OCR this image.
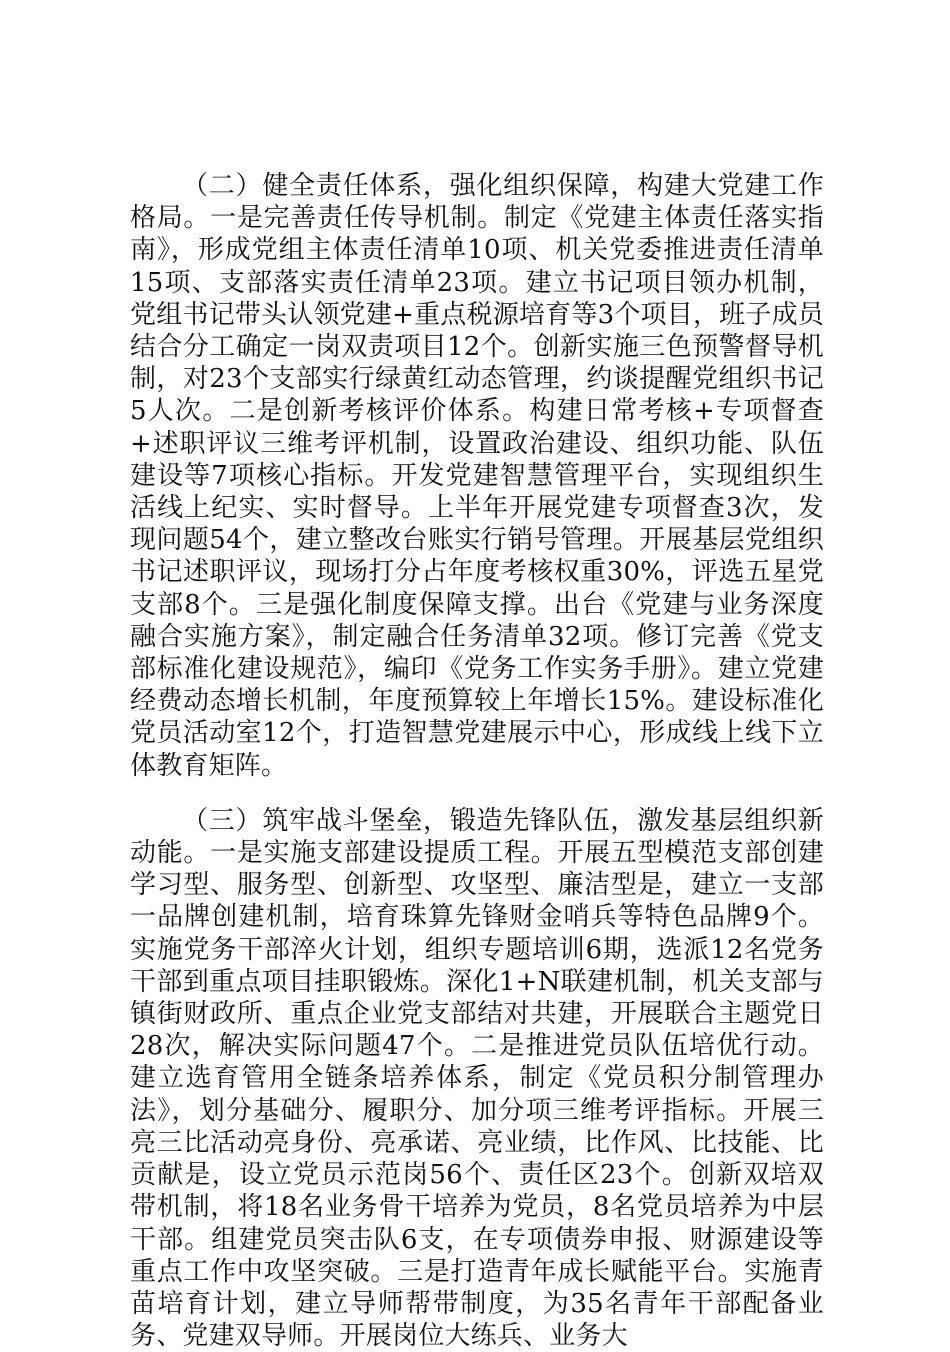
（二）健全责任体系，强化组织保障，构建大党建工作格局。一是完善责任传导机制。制定《党建主体责任落实指南》，形成党组主体责任清单10项、机关党委推进责任清单15项、支部落实责任清单23项。建立书记项目领办机制，党组书记带头认领党建+重点税源培育等3个项目，班子成员结合分工确定一岗双责项目12个。创新实施三色预警督导机制，对23个支部实行绿黄红动态管理，约谈提醒党组织书记5人次。二是创新考核评价体系。构建日常考核+专项督查+述职评议三维考评机制，设置政治建设、组织功能、队伍建设等7项核心指标。开发党建智慧管理平台，实现组织生活线上纪实、实时督导。上半年开展党建专项督查3次，发现问题54个，建立整改台账实行销号管理。开展基层党组织书记述职评议，现场打分占年度考核权重30%，评选五星党支部8个。三是强化制度保障支撑。出台《党建与业务深度融合实施方案》，制定融合任务清单32项。修订完善《党支部标准化建设规范》，编印《党务工作实务手册》。建立党建经费动态增长机制，年度预算较上年增长15%。建设标准化党员活动室12个，打造智慧党建展示中心，形成线上线下立体教育矩阵。

（三）筑牢战斗堡垒，锻造先锋队伍，激发基层组织新动能。一是实施支部建设提质工程。开展五型模范支部创建学习型、服务型、创新型、攻坚型、廉洁型是，建立一支部一品牌创建机制，培育珠算先锋财金哨兵等特色品牌9个。实施党务干部淬火计划，组织专题培训6期，选派12名党务干部到重点项目挂职锻炼。深化1+N联建机制，机关支部与镇街财政所、重点企业党支部结对共建，开展联合主题党日28次，解决实际问题47个。二是推进党员队伍培优行动。建立选育管用全链条培养体系，制定《党员积分制管理办法》，划分基础分、履职分、加分项三维考评指标。开展三亮三比活动亮身份、亮承诺、亮业绩，比作风、比技能、比贡献是，设立党员示范岗56个、责任区23个。创新双培双带机制，将18名业务骨干培养为党员，8名党员培养为中层干部。组建党员突击队6支，在专项债券申报、财源建设等重点工作中攻坚突破。三是打造青年成长赋能平台。实施青苗培育计划，建立导师帮带制度，为35名青年干部配备业务、党建双导师。开展岗位大练兵、业务大
